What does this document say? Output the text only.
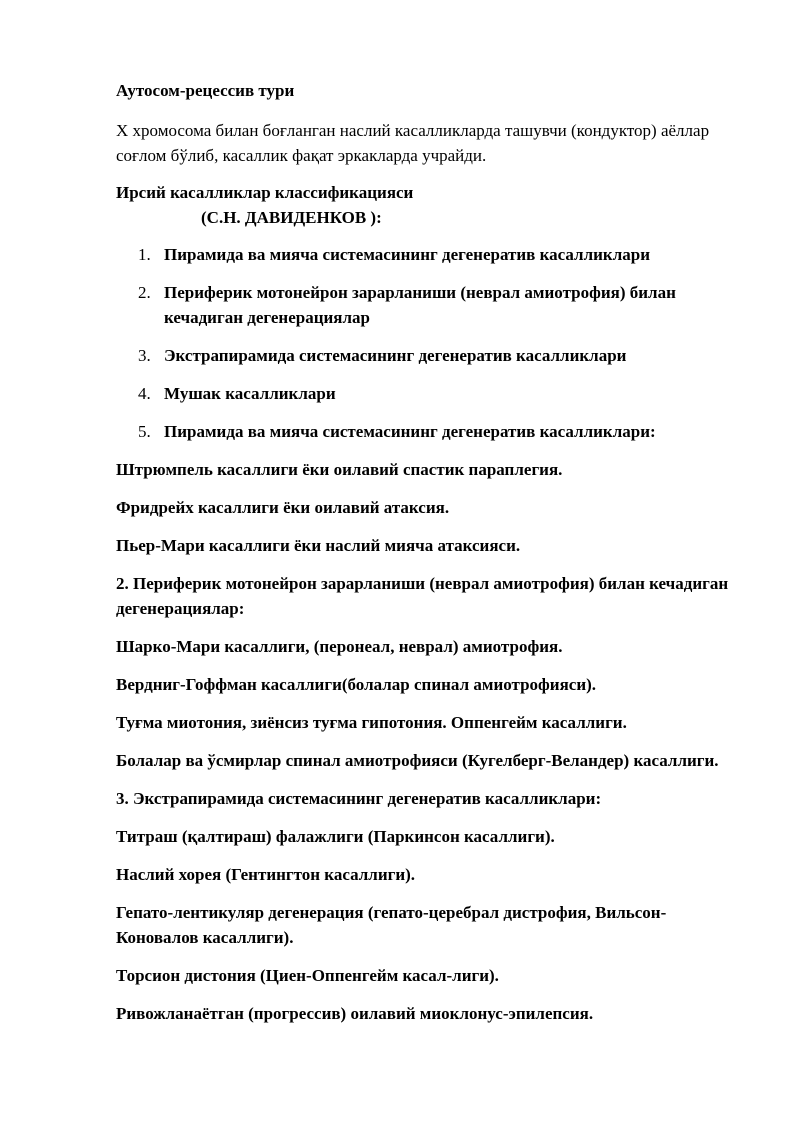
Аутосом-рецессив тури

Х хромосома билан боғланган наслий касалликларда ташувчи (кондуктор) аёллар соғлом бўлиб, касаллик фақат эркакларда учрайди.

Ирсий касалликлар классификацияси
(С.Н. ДАВИДЕНКОВ ):
1. Пирамида ва мияча системасининг дегенератив касалликлари
2. Периферик мотонейрон зарарланиши (неврал амиотрофия) билан кечадиган дегенерациялар
3. Экстрапирамида системасининг дегенератив касалликлари
4. Мушак касалликлари
5. Пирамида ва мияча системасининг дегенератив касалликлари:

Штрюмпель касаллиги ёки оилавий спастик параплегия.

Фридрейх касаллиги ёки оилавий атаксия.

Пьер-Мари касаллиги ёки наслий мияча атаксияси.

2. Периферик мотонейрон зарарланиши (неврал амиотрофия) билан кечадиган дегенерациялар:

Шарко-Мари касаллиги, (перонеал, неврал) амиотрофия.

Вердниг-Гоффман касаллиги(болалар спинал амиотрофияси).

Туғма миотония, зиёнсиз туғма гипотония. Оппенгейм касаллиги.

Болалар ва ўсмирлар спинал амиотрофияси (Кугелберг-Веландер) касаллиги.

3. Экстрапирамида системасининг дегенератив касалликлари:

Титраш (қалтираш) фалажлиги (Паркинсон касаллиги).

Наслий хорея (Гентингтон касаллиги).

Гепато-лентикуляр дегенерация (гепато-церебрал дистрофия, Вильсон-Коновалов касаллиги).

Торсион дистония (Циен-Оппенгейм касал-лиги).

Ривожланаётган (прогрессив) оилавий миоклонус-эпилепсия.
